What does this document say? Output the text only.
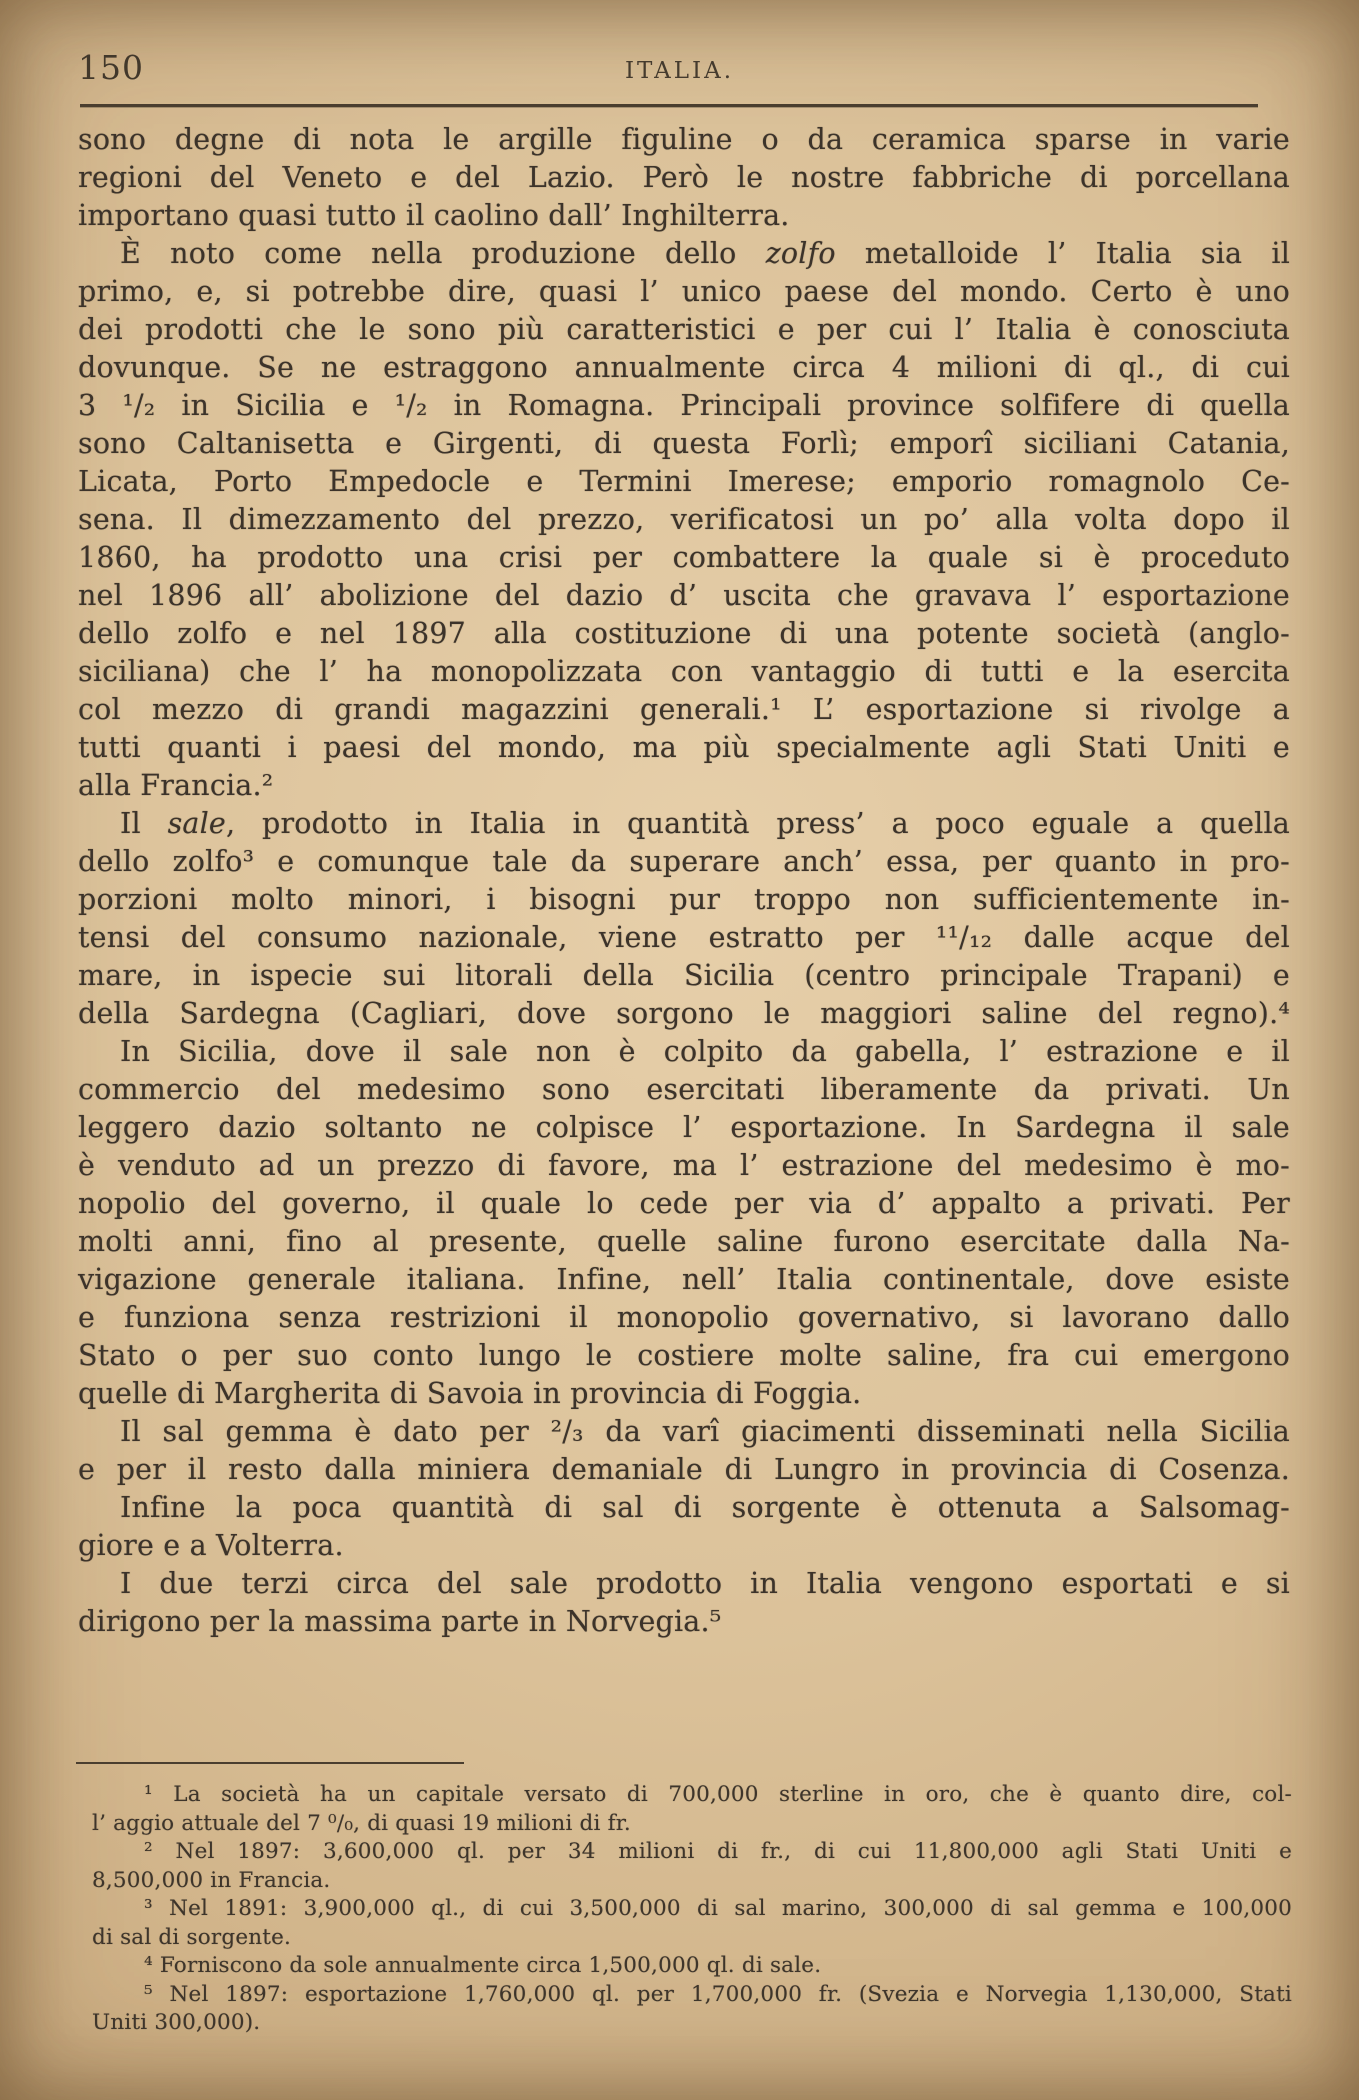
150	ITALIA.
sono degne di nota le argille figuline o da ceramica sparse in varie
regioni del Veneto e del Lazio. Però le nostre fabbriche di porcellana
importano quasi tutto il caolino dall’ Inghilterra.
È noto come nella produzione dello zolfo metalloide l’ Italia sia il
primo, e, si potrebbe dire, quasi l’ unico paese del mondo. Certo è uno
dei prodotti che le sono più caratteristici e per cui l’ Italia è conosciuta
dovunque. Se ne estraggono annualmente circa 4 milioni di ql., di cui
3 ¹/₂ in Sicilia e ¹/₂ in Romagna. Principali province solfifere di quella
sono Caltanisetta e Girgenti, di questa Forlì; emporî siciliani Catania,
Licata, Porto Empedocle e Termini Imerese; emporio romagnolo Ce-
sena. Il dimezzamento del prezzo, verificatosi un po’ alla volta dopo il
1860, ha prodotto una crisi per combattere la quale si è proceduto
nel 1896 all’ abolizione del dazio d’ uscita che gravava l’ esportazione
dello zolfo e nel 1897 alla costituzione di una potente società (anglo-
siciliana) che l’ ha monopolizzata con vantaggio di tutti e la esercita
col mezzo di grandi magazzini generali.¹ L’ esportazione si rivolge a
tutti quanti i paesi del mondo, ma più specialmente agli Stati Uniti e
alla Francia.²
Il sale, prodotto in Italia in quantità press’ a poco eguale a quella
dello zolfo³ e comunque tale da superare anch’ essa, per quanto in pro-
porzioni molto minori, i bisogni pur troppo non sufficientemente in-
tensi del consumo nazionale, viene estratto per ¹¹/₁₂ dalle acque del
mare, in ispecie sui litorali della Sicilia (centro principale Trapani) e
della Sardegna (Cagliari, dove sorgono le maggiori saline del regno).⁴
In Sicilia, dove il sale non è colpito da gabella, l’ estrazione e il
commercio del medesimo sono esercitati liberamente da privati. Un
leggero dazio soltanto ne colpisce l’ esportazione. In Sardegna il sale
è venduto ad un prezzo di favore, ma l’ estrazione del medesimo è mo-
nopolio del governo, il quale lo cede per via d’ appalto a privati. Per
molti anni, fino al presente, quelle saline furono esercitate dalla Na-
vigazione generale italiana. Infine, nell’ Italia continentale, dove esiste
e funziona senza restrizioni il monopolio governativo, si lavorano dallo
Stato o per suo conto lungo le costiere molte saline, fra cui emergono
quelle di Margherita di Savoia in provincia di Foggia.
Il sal gemma è dato per ²/₃ da varî giacimenti disseminati nella Sicilia
e per il resto dalla miniera demaniale di Lungro in provincia di Cosenza.
Infine la poca quantità di sal di sorgente è ottenuta a Salsomag-
giore e a Volterra.
I due terzi circa del sale prodotto in Italia vengono esportati e si
dirigono per la massima parte in Norvegia.⁵
¹ La società ha un capitale versato di 700,000 sterline in oro, che è quanto dire, col-
l’ aggio attuale del 7 ⁰/₀, di quasi 19 milioni di fr.
² Nel 1897: 3,600,000 ql. per 34 milioni di fr., di cui 11,800,000 agli Stati Uniti e
8,500,000 in Francia.
³ Nel 1891: 3,900,000 ql., di cui 3,500,000 di sal marino, 300,000 di sal gemma e 100,000
di sal di sorgente.
⁴ Forniscono da sole annualmente circa 1,500,000 ql. di sale.
⁵ Nel 1897: esportazione 1,760,000 ql. per 1,700,000 fr. (Svezia e Norvegia 1,130,000, Stati
Uniti 300,000).
